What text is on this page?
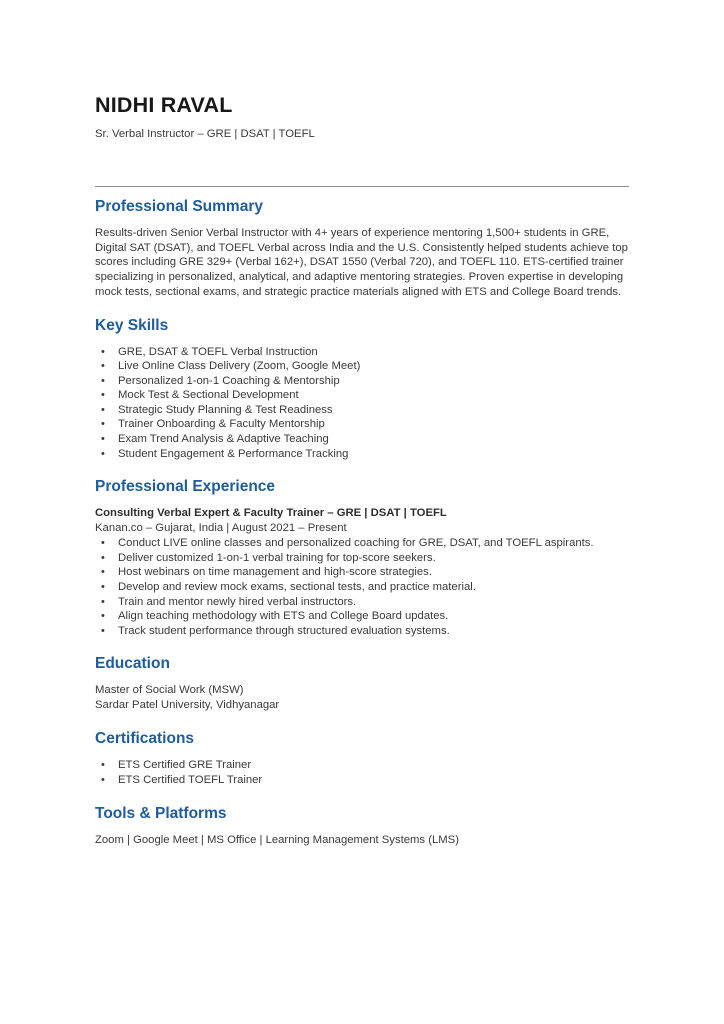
NIDHI RAVAL

Sr. Verbal Instructor – GRE | DSAT | TOEFL

Professional Summary

Results-driven Senior Verbal Instructor with 4+ years of experience mentoring 1,500+ students in GRE, Digital SAT (DSAT), and TOEFL Verbal across India and the U.S. Consistently helped students achieve top scores including GRE 329+ (Verbal 162+), DSAT 1550 (Verbal 720), and TOEFL 110. ETS-certified trainer specializing in personalized, analytical, and adaptive mentoring strategies. Proven expertise in developing mock tests, sectional exams, and strategic practice materials aligned with ETS and College Board trends.

Key Skills
• GRE, DSAT & TOEFL Verbal Instruction
• Live Online Class Delivery (Zoom, Google Meet)
• Personalized 1-on-1 Coaching & Mentorship
• Mock Test & Sectional Development
• Strategic Study Planning & Test Readiness
• Trainer Onboarding & Faculty Mentorship
• Exam Trend Analysis & Adaptive Teaching
• Student Engagement & Performance Tracking
Professional Experience

Consulting Verbal Expert & Faculty Trainer – GRE | DSAT | TOEFL

Kanan.co – Gujarat, India | August 2021 – Present

• Conduct LIVE online classes and personalized coaching for GRE, DSAT, and TOEFL aspirants.
• Deliver customized 1-on-1 verbal training for top-score seekers.
• Host webinars on time management and high-score strategies.
• Develop and review mock exams, sectional tests, and practice material.
• Train and mentor newly hired verbal instructors.
• Align teaching methodology with ETS and College Board updates.
• Track student performance through structured evaluation systems.
Education

Master of Social Work (MSW)

Sardar Patel University, Vidhyanagar

Certifications
• ETS Certified GRE Trainer
• ETS Certified TOEFL Trainer
Tools & Platforms

Zoom | Google Meet | MS Office | Learning Management Systems (LMS)
